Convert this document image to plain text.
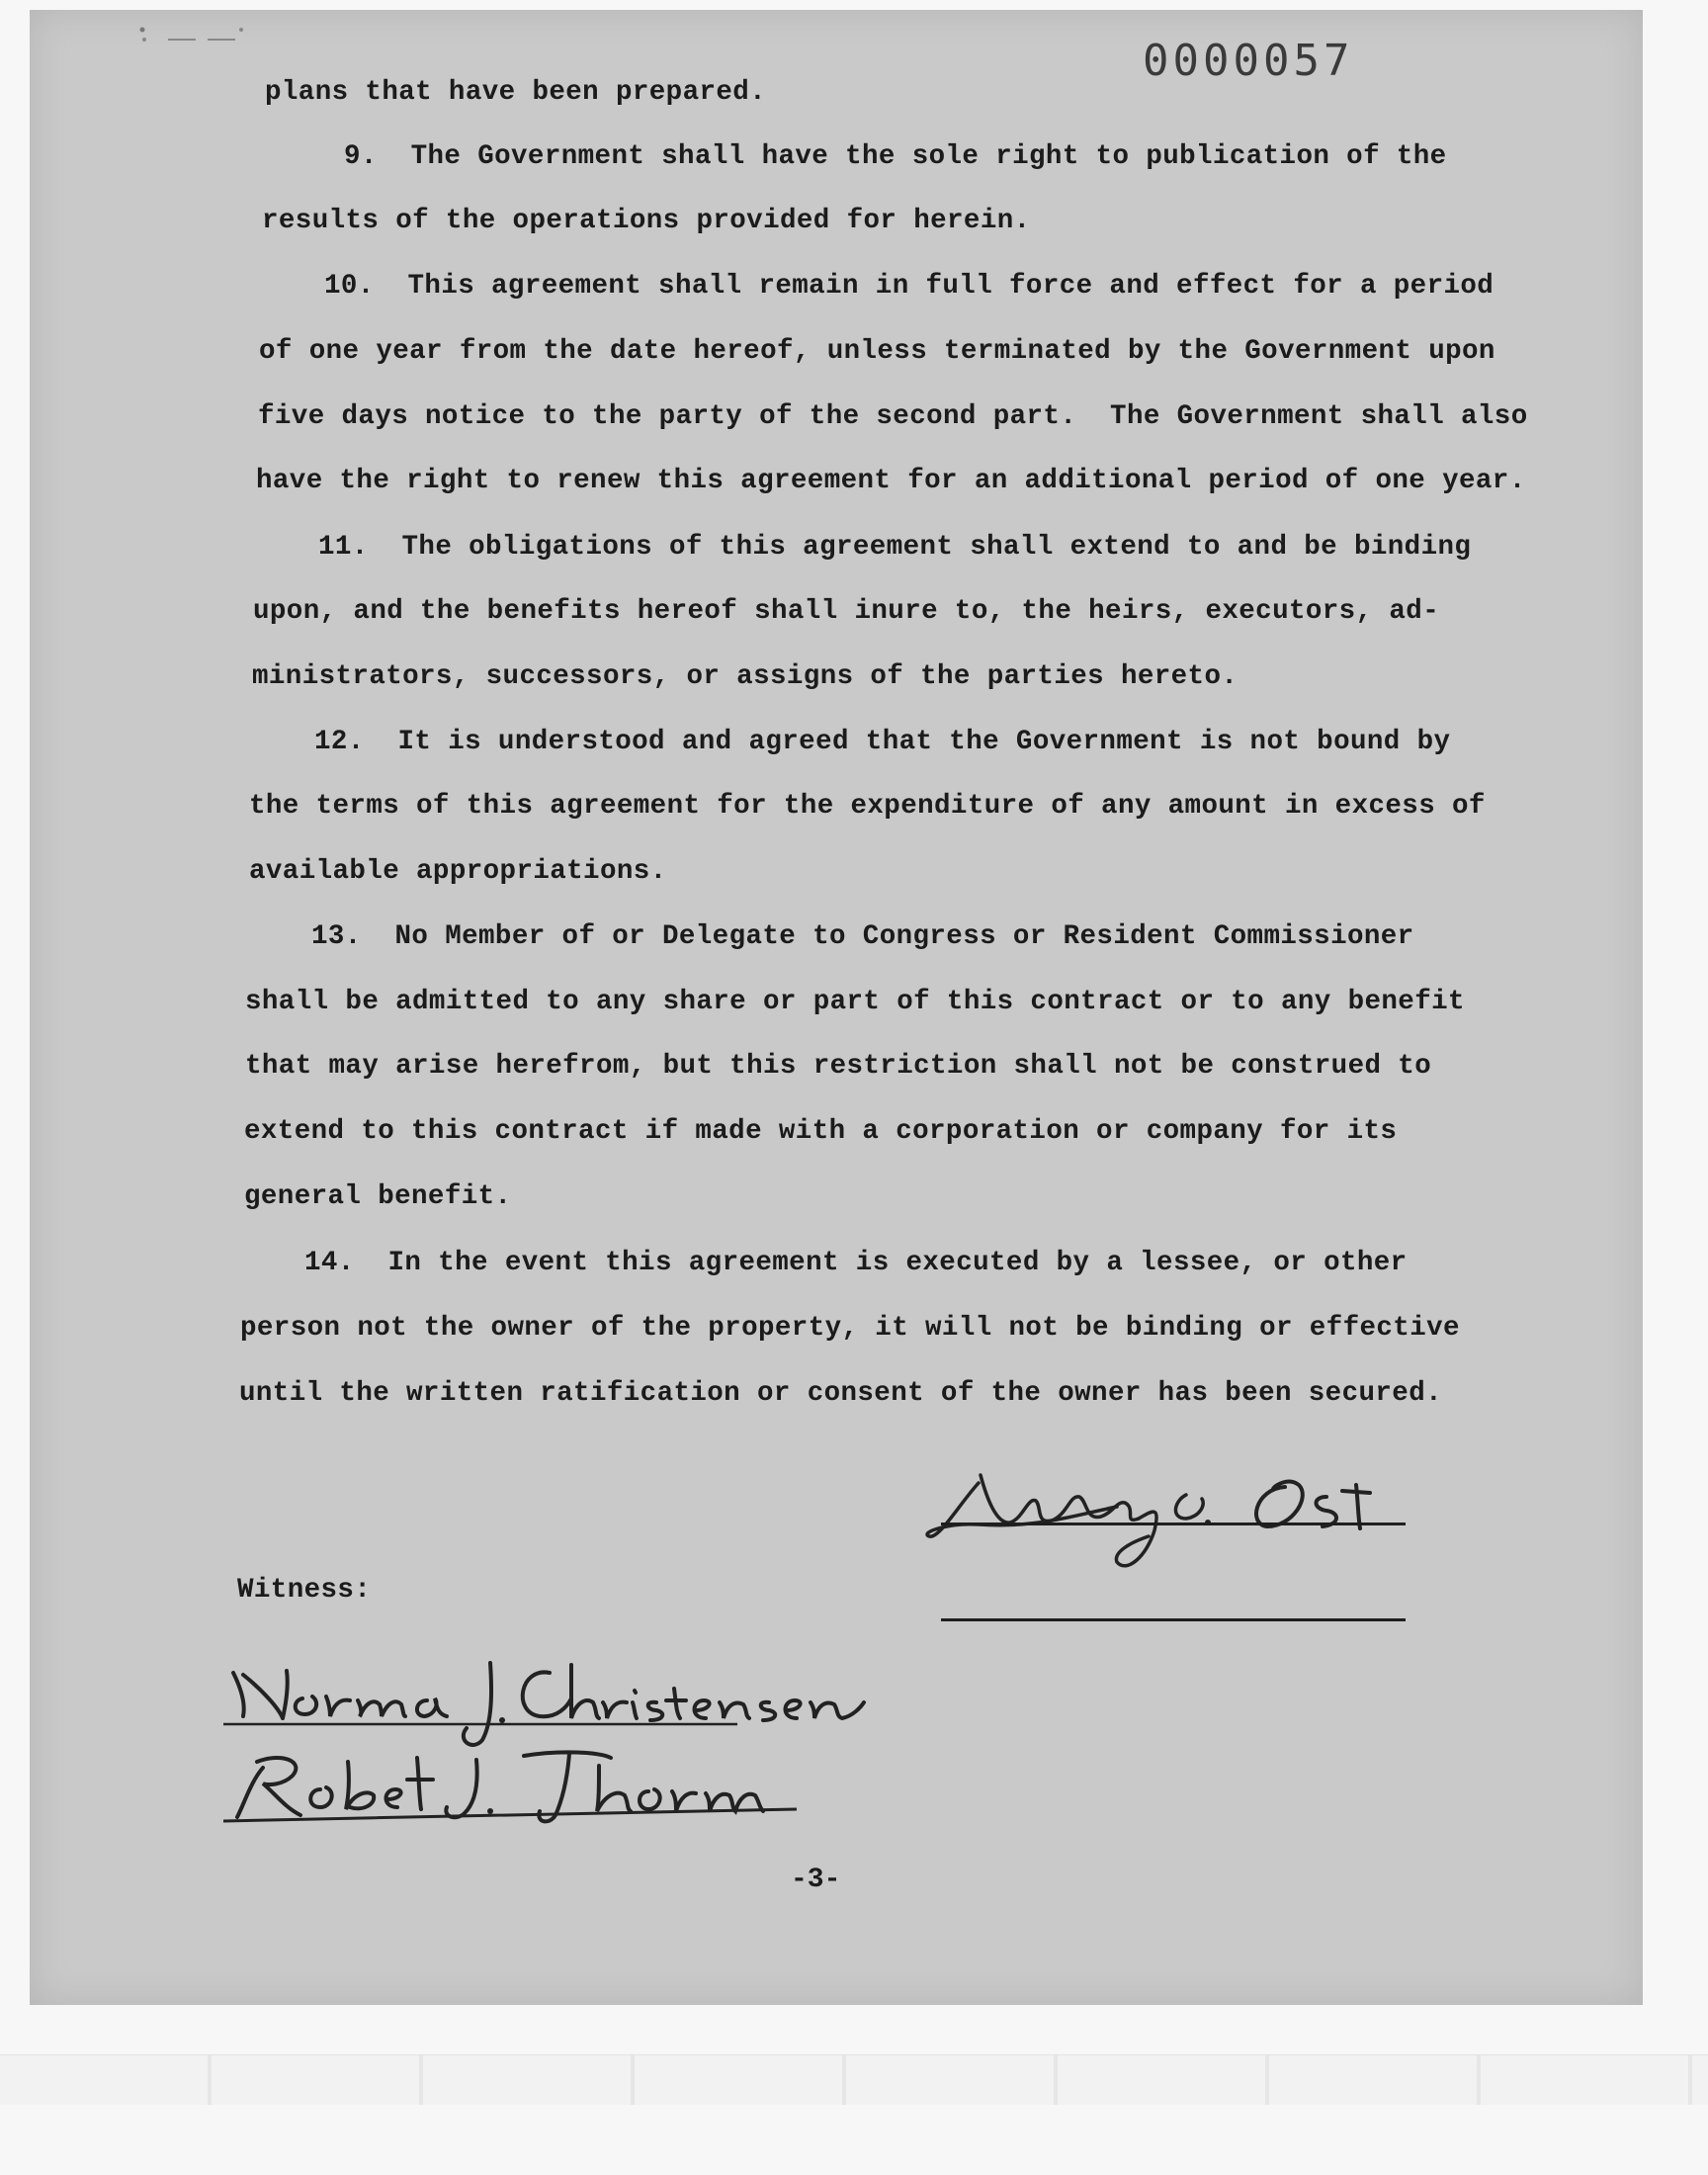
0000057
plans that have been prepared.
9.  The Government shall have the sole right to publication of the
results of the operations provided for herein.
10.  This agreement shall remain in full force and effect for a period
of one year from the date hereof, unless terminated by the Government upon
five days notice to the party of the second part.  The Government shall also
have the right to renew this agreement for an additional period of one year.
11.  The obligations of this agreement shall extend to and be binding
upon, and the benefits hereof shall inure to, the heirs, executors, ad-
ministrators, successors, or assigns of the parties hereto.
12.  It is understood and agreed that the Government is not bound by
the terms of this agreement for the expenditure of any amount in excess of
available appropriations.
13.  No Member of or Delegate to Congress or Resident Commissioner
shall be admitted to any share or part of this contract or to any benefit
that may arise herefrom, but this restriction shall not be construed to
extend to this contract if made with a corporation or company for its
general benefit.
14.  In the event this agreement is executed by a lessee, or other
person not the owner of the property, it will not be binding or effective
until the written ratification or consent of the owner has been secured.
Witness:
-3-
